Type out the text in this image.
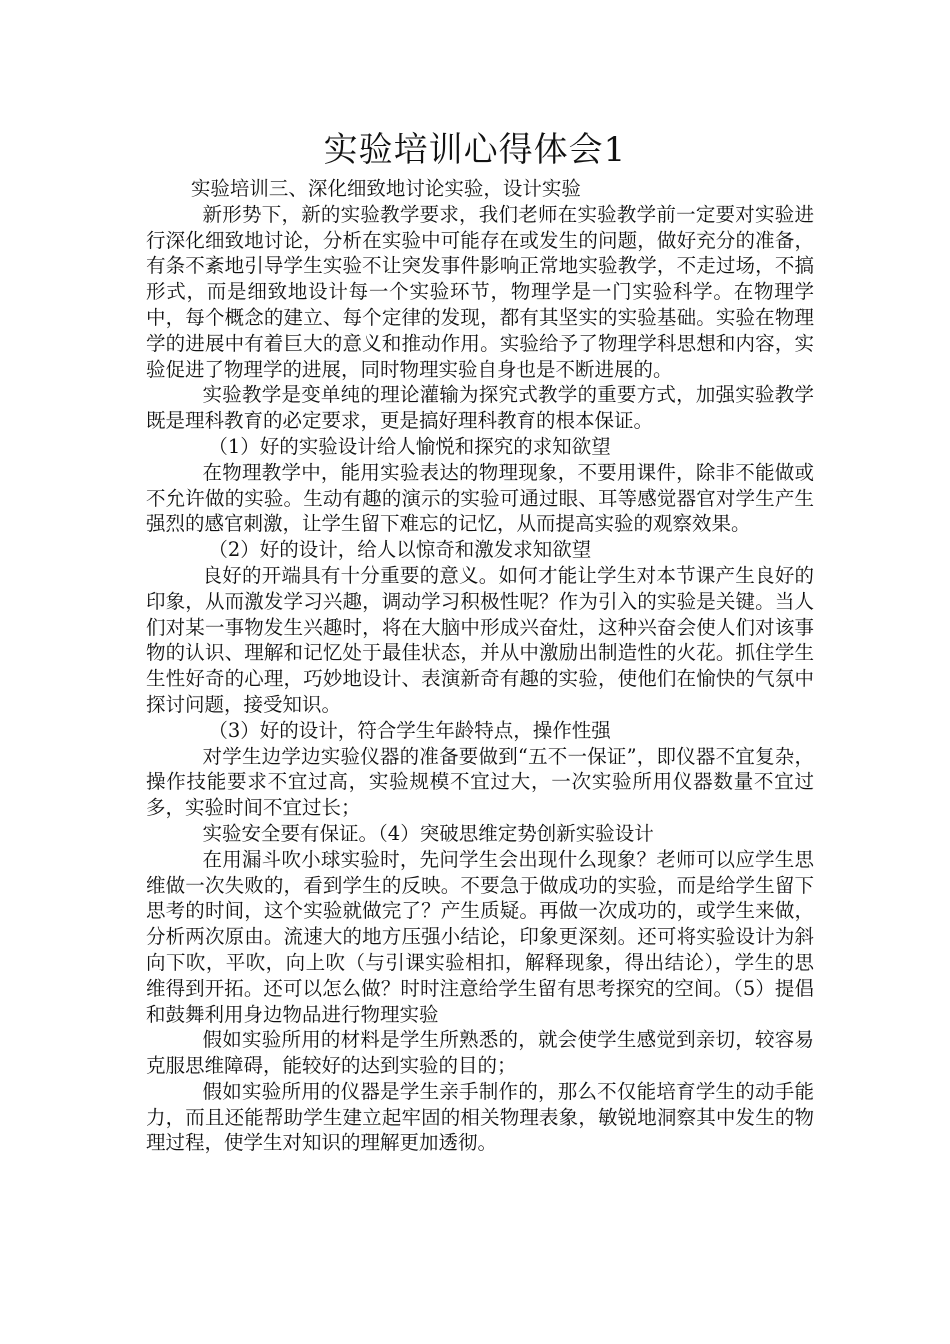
实验培训心得体会1

实验培训三、深化细致地讨论实验，设计实验

新形势下，新的实验教学要求，我们老师在实验教学前一定要对实验进行深化细致地讨论，分析在实验中可能存在或发生的问题，做好充分的准备，有条不紊地引导学生实验不让突发事件影响正常地实验教学，不走过场，不搞形式，而是细致地设计每一个实验环节，物理学是一门实验科学。在物理学中，每个概念的建立、每个定律的发现，都有其坚实的实验基础。实验在物理学的进展中有着巨大的意义和推动作用。实验给予了物理学科思想和内容，实验促进了物理学的进展，同时物理实验自身也是不断进展的。

实验教学是变单纯的理论灌输为探究式教学的重要方式，加强实验教学既是理科教育的必定要求，更是搞好理科教育的根本保证。

（1）好的实验设计给人愉悦和探究的求知欲望

在物理教学中，能用实验表达的物理现象，不要用课件，除非不能做或不允许做的实验。生动有趣的演示的实验可通过眼、耳等感觉器官对学生产生强烈的感官刺激，让学生留下难忘的记忆，从而提高实验的观察效果。

（2）好的设计，给人以惊奇和激发求知欲望

良好的开端具有十分重要的意义。如何才能让学生对本节课产生良好的印象，从而激发学习兴趣，调动学习积极性呢？作为引入的实验是关键。当人们对某一事物发生兴趣时，将在大脑中形成兴奋灶，这种兴奋会使人们对该事物的认识、理解和记忆处于最佳状态，并从中激励出制造性的火花。抓住学生生性好奇的心理，巧妙地设计、表演新奇有趣的实验，使他们在愉快的气氛中探讨问题，接受知识。

（3）好的设计，符合学生年龄特点，操作性强

对学生边学边实验仪器的准备要做到“五不一保证”，即仪器不宜复杂，操作技能要求不宜过高，实验规模不宜过大，一次实验所用仪器数量不宜过多，实验时间不宜过长；

实验安全要有保证。（4）突破思维定势创新实验设计

在用漏斗吹小球实验时，先问学生会出现什么现象？老师可以应学生思维做一次失败的，看到学生的反映。不要急于做成功的实验，而是给学生留下思考的时间，这个实验就做完了？产生质疑。再做一次成功的，或学生来做，分析两次原由。流速大的地方压强小结论，印象更深刻。还可将实验设计为斜向下吹，平吹，向上吹（与引课实验相扣，解释现象，得出结论），学生的思维得到开拓。还可以怎么做？时时注意给学生留有思考探究的空间。（5）提倡和鼓舞利用身边物品进行物理实验

假如实验所用的材料是学生所熟悉的，就会使学生感觉到亲切，较容易克服思维障碍，能较好的达到实验的目的；

假如实验所用的仪器是学生亲手制作的，那么不仅能培育学生的动手能力，而且还能帮助学生建立起牢固的相关物理表象，敏锐地洞察其中发生的物理过程，使学生对知识的理解更加透彻。
